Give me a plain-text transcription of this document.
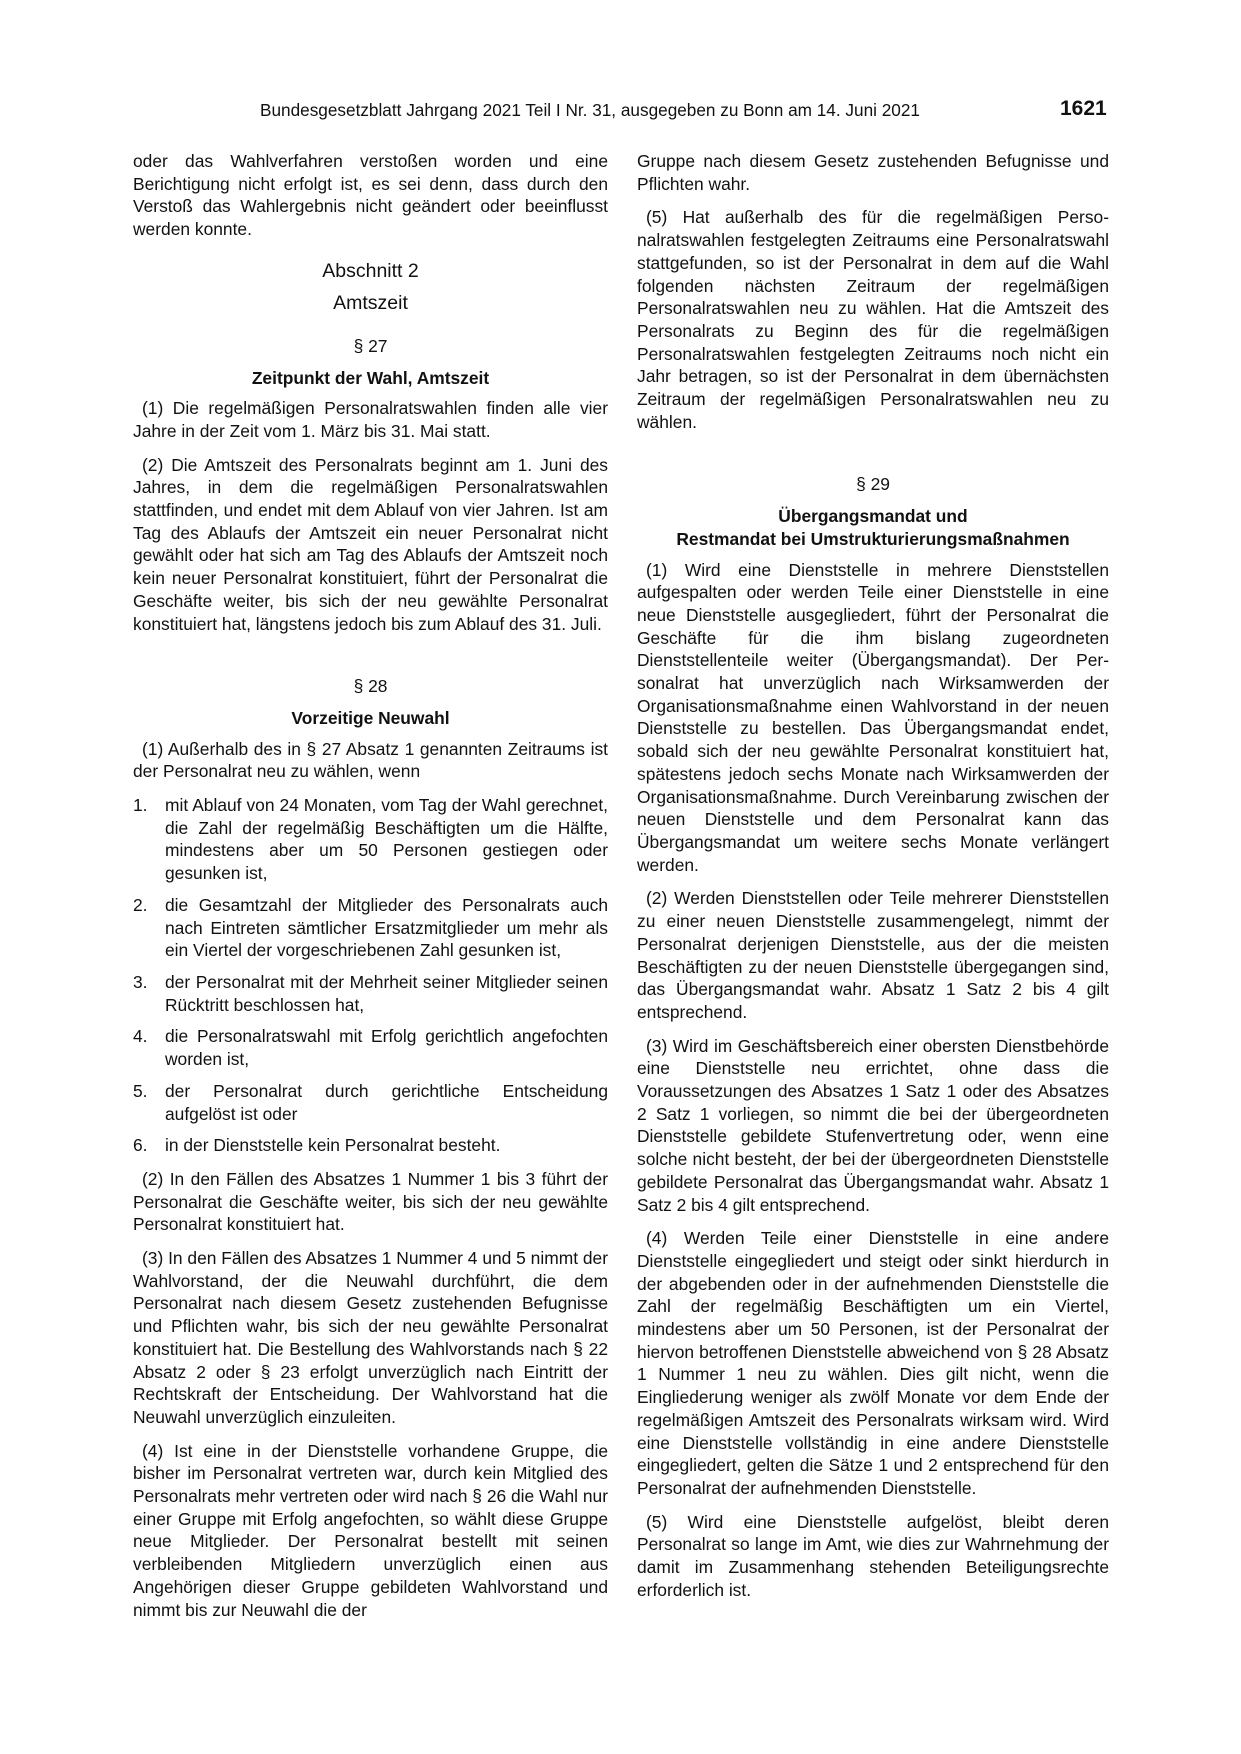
Bundesgesetzblatt Jahrgang 2021 Teil I Nr. 31, ausgegeben zu Bonn am 14. Juni 2021	1621

oder das Wahlverfahren verstoßen worden und eine Berichtigung nicht erfolgt ist, es sei denn, dass durch den Verstoß das Wahlergebnis nicht geändert oder beeinflusst werden konnte.

Abschnitt 2
Amtszeit
§ 27
Zeitpunkt der Wahl, Amtszeit

(1) Die regelmäßigen Personalratswahlen finden alle vier Jahre in der Zeit vom 1. März bis 31. Mai statt.

(2) Die Amtszeit des Personalrats beginnt am 1. Juni des Jahres, in dem die regelmäßigen Personalratswahlen stattfinden, und endet mit dem Ablauf von vier Jahren. Ist am Tag des Ablaufs der Amtszeit ein neuer Personalrat nicht gewählt oder hat sich am Tag des Ablaufs der Amtszeit noch kein neuer Personalrat konstituiert, führt der Personalrat die Geschäfte weiter, bis sich der neu gewählte Personalrat konstituiert hat, längstens jedoch bis zum Ablauf des 31. Juli.

§ 28
Vorzeitige Neuwahl

(1) Außerhalb des in § 27 Absatz 1 genannten Zeitraums ist der Personalrat neu zu wählen, wenn

1. mit Ablauf von 24 Monaten, vom Tag der Wahl gerechnet, die Zahl der regelmäßig Beschäftigten um die Hälfte, mindestens aber um 50 Personen gestiegen oder gesunken ist,
2. die Gesamtzahl der Mitglieder des Personalrats auch nach Eintreten sämtlicher Ersatzmitglieder um mehr als ein Viertel der vorgeschriebenen Zahl gesunken ist,
3. der Personalrat mit der Mehrheit seiner Mitglieder seinen Rücktritt beschlossen hat,
4. die Personalratswahl mit Erfolg gerichtlich angefochten worden ist,
5. der Personalrat durch gerichtliche Entscheidung aufgelöst ist oder
6. in der Dienststelle kein Personalrat besteht.

(2) In den Fällen des Absatzes 1 Nummer 1 bis 3 führt der Personalrat die Geschäfte weiter, bis sich der neu gewählte Personalrat konstituiert hat.

(3) In den Fällen des Absatzes 1 Nummer 4 und 5 nimmt der Wahlvorstand, der die Neuwahl durchführt, die dem Personalrat nach diesem Gesetz zustehenden Befugnisse und Pflichten wahr, bis sich der neu gewählte Personalrat konstituiert hat. Die Bestellung des Wahlvorstands nach § 22 Absatz 2 oder § 23 erfolgt unverzüglich nach Eintritt der Rechtskraft der Entscheidung. Der Wahlvorstand hat die Neuwahl unverzüglich einzuleiten.

(4) Ist eine in der Dienststelle vorhandene Gruppe, die bisher im Personalrat vertreten war, durch kein Mitglied des Personalrats mehr vertreten oder wird nach § 26 die Wahl nur einer Gruppe mit Erfolg angefochten, so wählt diese Gruppe neue Mitglieder. Der Personalrat bestellt mit seinen verbleibenden Mitgliedern unverzüglich einen aus Angehörigen dieser Gruppe gebildeten Wahlvorstand und nimmt bis zur Neuwahl die der

Gruppe nach diesem Gesetz zustehenden Befugnisse und Pflichten wahr.

(5) Hat außerhalb des für die regelmäßigen Personalratswahlen festgelegten Zeitraums eine Personalratswahl stattgefunden, so ist der Personalrat in dem auf die Wahl folgenden nächsten Zeitraum der regelmäßigen Personalratswahlen neu zu wählen. Hat die Amtszeit des Personalrats zu Beginn des für die regelmäßigen Personalratswahlen festgelegten Zeitraums noch nicht ein Jahr betragen, so ist der Personalrat in dem übernächsten Zeitraum der regelmäßigen Personalratswahlen neu zu wählen.

§ 29
Übergangsmandat und
Restmandat bei Umstrukturierungsmaßnahmen

(1) Wird eine Dienststelle in mehrere Dienststellen aufgespalten oder werden Teile einer Dienststelle in eine neue Dienststelle ausgegliedert, führt der Personalrat die Geschäfte für die ihm bislang zugeordneten Dienststellenteile weiter (Übergangsmandat). Der Personalrat hat unverzüglich nach Wirksamwerden der Organisationsmaßnahme einen Wahlvorstand in der neuen Dienststelle zu bestellen. Das Übergangsmandat endet, sobald sich der neu gewählte Personalrat konstituiert hat, spätestens jedoch sechs Monate nach Wirksamwerden der Organisationsmaßnahme. Durch Vereinbarung zwischen der neuen Dienststelle und dem Personalrat kann das Übergangsmandat um weitere sechs Monate verlängert werden.

(2) Werden Dienststellen oder Teile mehrerer Dienststellen zu einer neuen Dienststelle zusammengelegt, nimmt der Personalrat derjenigen Dienststelle, aus der die meisten Beschäftigten zu der neuen Dienststelle übergegangen sind, das Übergangsmandat wahr. Absatz 1 Satz 2 bis 4 gilt entsprechend.

(3) Wird im Geschäftsbereich einer obersten Dienstbehörde eine Dienststelle neu errichtet, ohne dass die Voraussetzungen des Absatzes 1 Satz 1 oder des Absatzes 2 Satz 1 vorliegen, so nimmt die bei der übergeordneten Dienststelle gebildete Stufenvertretung oder, wenn eine solche nicht besteht, der bei der übergeordneten Dienststelle gebildete Personalrat das Übergangsmandat wahr. Absatz 1 Satz 2 bis 4 gilt entsprechend.

(4) Werden Teile einer Dienststelle in eine andere Dienststelle eingegliedert und steigt oder sinkt hierdurch in der abgebenden oder in der aufnehmenden Dienststelle die Zahl der regelmäßig Beschäftigten um ein Viertel, mindestens aber um 50 Personen, ist der Personalrat der hiervon betroffenen Dienststelle abweichend von § 28 Absatz 1 Nummer 1 neu zu wählen. Dies gilt nicht, wenn die Eingliederung weniger als zwölf Monate vor dem Ende der regelmäßigen Amtszeit des Personalrats wirksam wird. Wird eine Dienststelle vollständig in eine andere Dienststelle eingegliedert, gelten die Sätze 1 und 2 entsprechend für den Personalrat der aufnehmenden Dienststelle.

(5) Wird eine Dienststelle aufgelöst, bleibt deren Personalrat so lange im Amt, wie dies zur Wahrnehmung der damit im Zusammenhang stehenden Beteiligungsrechte erforderlich ist.
